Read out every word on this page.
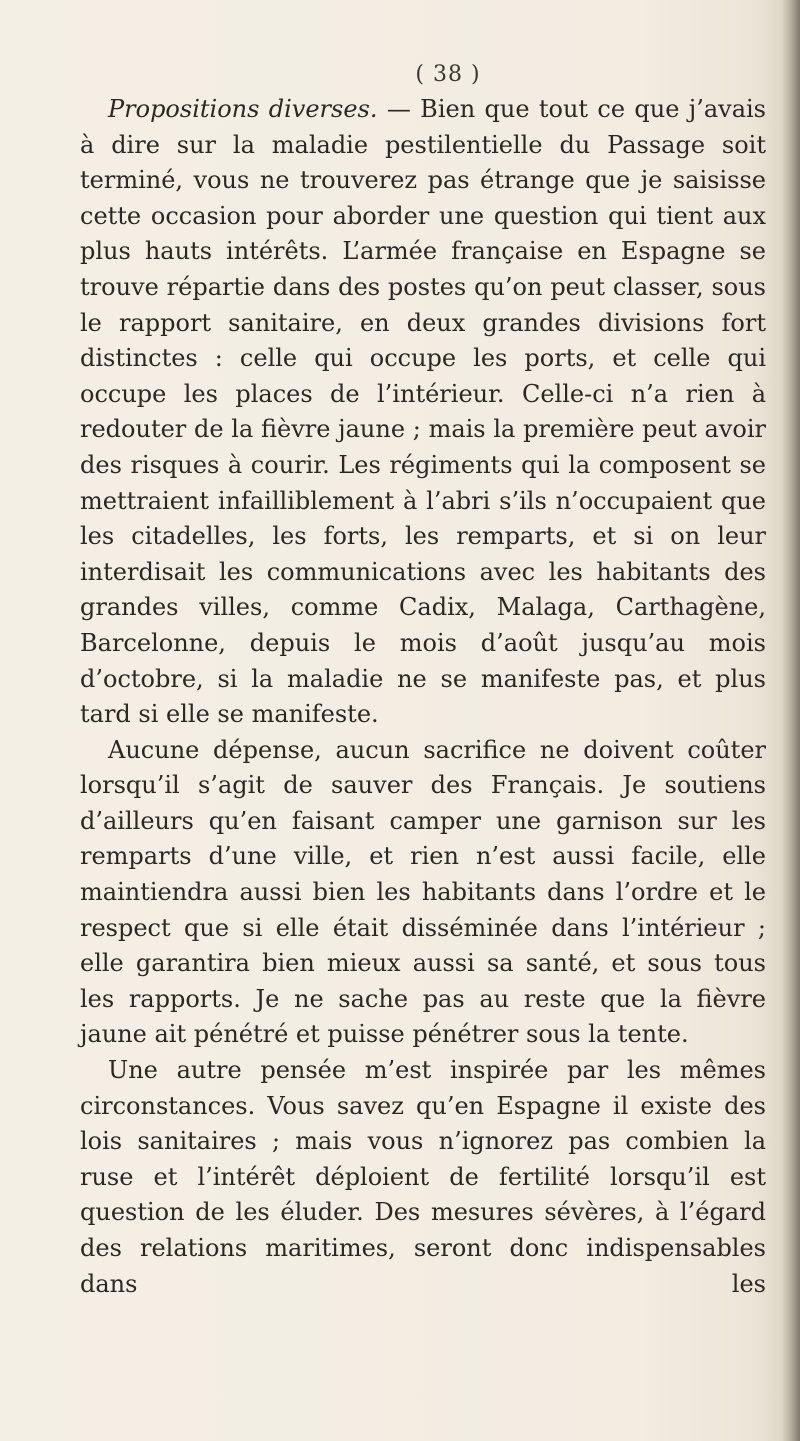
( 38 )

Propositions diverses. — Bien que tout ce que j’avais à dire sur la maladie pestilentielle du Passage soit terminé, vous ne trouverez pas étrange que je saisisse cette occasion pour aborder une question qui tient aux plus hauts intérêts. L’armée française en Espagne se trouve répartie dans des postes qu’on peut classer, sous le rapport sanitaire, en deux grandes divisions fort distinctes : celle qui occupe les ports, et celle qui occupe les places de l’intérieur. Celle-ci n’a rien à redouter de la fièvre jaune ; mais la première peut avoir des risques à courir. Les régiments qui la composent se mettraient infailliblement à l’abri s’ils n’occupaient que les citadelles, les forts, les remparts, et si on leur interdisait les communications avec les habitants des grandes villes, comme Cadix, Malaga, Carthagène, Barcelonne, depuis le mois d’août jusqu’au mois d’octobre, si la maladie ne se manifeste pas, et plus tard si elle se manifeste.

Aucune dépense, aucun sacrifice ne doivent coûter lorsqu’il s’agit de sauver des Français. Je soutiens d’ailleurs qu’en faisant camper une garnison sur les remparts d’une ville, et rien n’est aussi facile, elle maintiendra aussi bien les habitants dans l’ordre et le respect que si elle était disséminée dans l’intérieur ; elle garantira bien mieux aussi sa santé, et sous tous les rapports. Je ne sache pas au reste que la fièvre jaune ait pénétré et puisse pénétrer sous la tente.

Une autre pensée m’est inspirée par les mêmes circonstances. Vous savez qu’en Espagne il existe des lois sanitaires ; mais vous n’ignorez pas combien la ruse et l’intérêt déploient de fertilité lorsqu’il est question de les éluder. Des mesures sévères, à l’égard des relations maritimes, seront donc indispensables dans les
